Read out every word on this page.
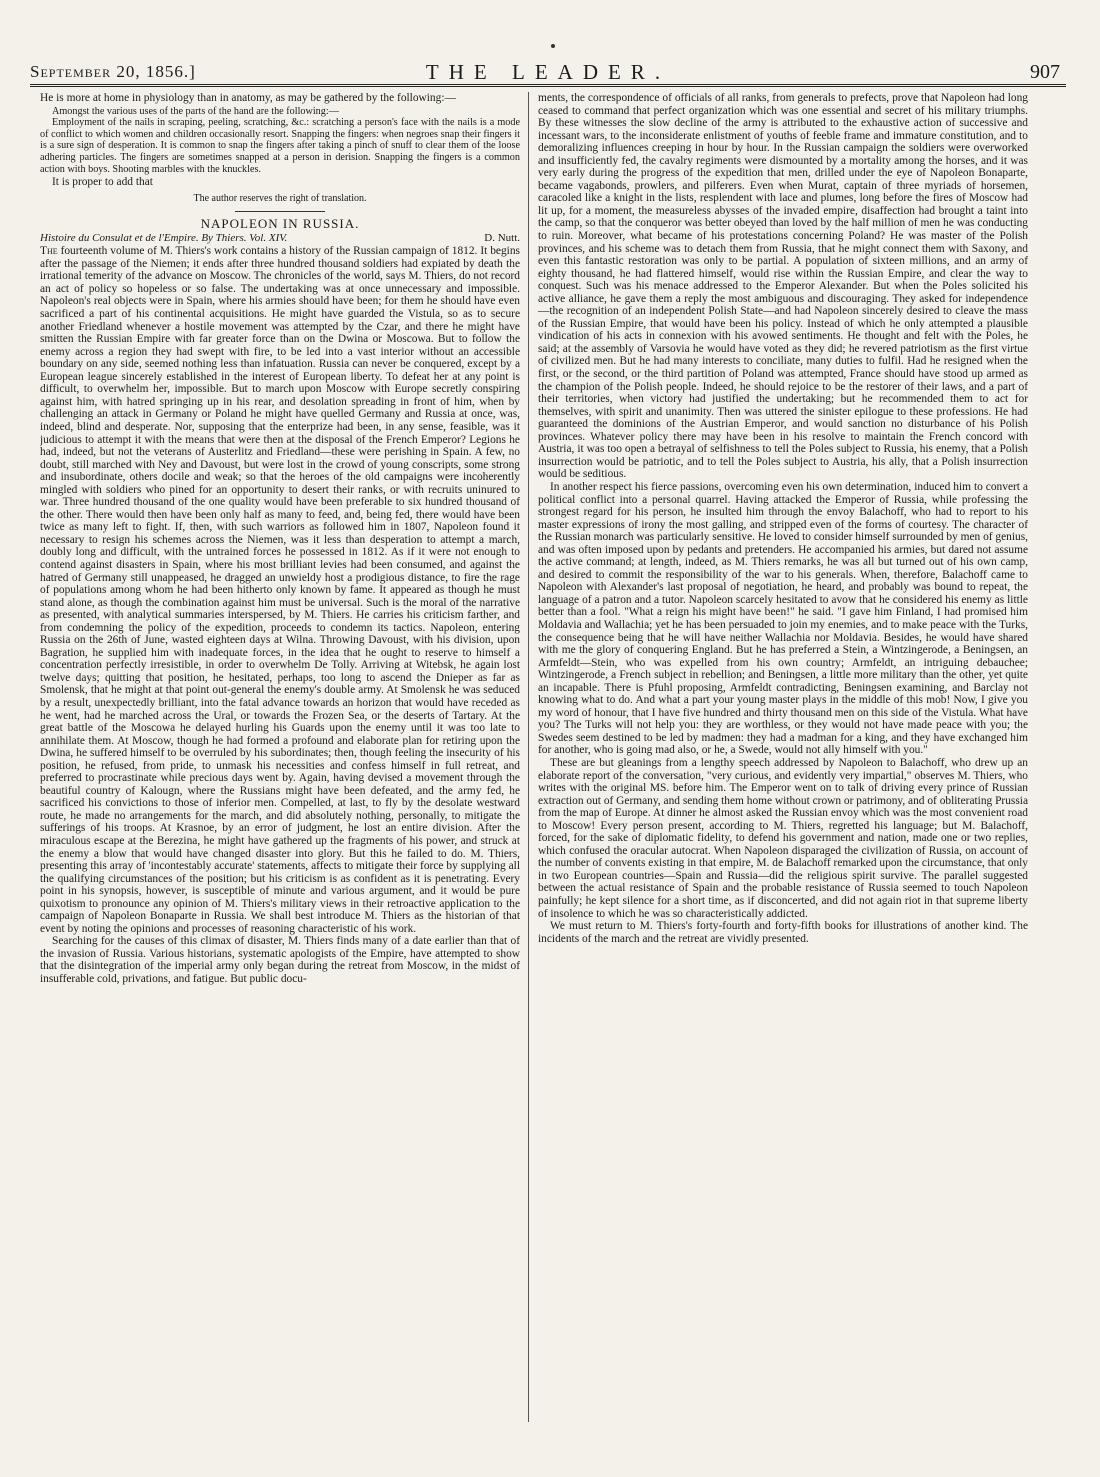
September 20, 1856.]	THE LEADER.	907

He is more at home in physiology than in anatomy, as may be gathered by the following:—

Amongst the various uses of the parts of the hand are the following:—

Employment of the nails in scraping, peeling, scratching, &c.: scratching a person's face with the nails is a mode of conflict to which women and children occasionally resort. Snapping the fingers: when negroes snap their fingers it is a sure sign of desperation. It is common to snap the fingers after taking a pinch of snuff to clear them of the loose adhering particles. The fingers are sometimes snapped at a person in derision. Snapping the fingers is a common action with boys. Shooting marbles with the knuckles.

It is proper to add that

The author reserves the right of translation.
NAPOLEON IN RUSSIA.
Histoire du Consulat et de l'Empire. By Thiers. Vol. XIV.	D. Nutt.

The fourteenth volume of M. Thiers's work contains a history of the Russian campaign of 1812. It begins after the passage of the Niemen; it ends after three hundred thousand soldiers had expiated by death the irrational temerity of the advance on Moscow. The chronicles of the world, says M. Thiers, do not record an act of policy so hopeless or so false. The undertaking was at once unnecessary and impossible. Napoleon's real objects were in Spain, where his armies should have been; for them he should have even sacrificed a part of his continental acquisitions. He might have guarded the Vistula, so as to secure another Friedland whenever a hostile movement was attempted by the Czar, and there he might have smitten the Russian Empire with far greater force than on the Dwina or Moscowa. But to follow the enemy across a region they had swept with fire, to be led into a vast interior without an accessible boundary on any side, seemed nothing less than infatuation. Russia can never be conquered, except by a European league sincerely established in the interest of European liberty. To defeat her at any point is difficult, to overwhelm her, impossible. But to march upon Moscow with Europe secretly conspiring against him, with hatred springing up in his rear, and desolation spreading in front of him, when by challenging an attack in Germany or Poland he might have quelled Germany and Russia at once, was, indeed, blind and desperate. Nor, supposing that the enterprize had been, in any sense, feasible, was it judicious to attempt it with the means that were then at the disposal of the French Emperor? Legions he had, indeed, but not the veterans of Austerlitz and Friedland—these were perishing in Spain. A few, no doubt, still marched with Ney and Davoust, but were lost in the crowd of young conscripts, some strong and insubordinate, others docile and weak; so that the heroes of the old campaigns were incoherently mingled with soldiers who pined for an opportunity to desert their ranks, or with recruits uninured to war. Three hundred thousand of the one quality would have been preferable to six hundred thousand of the other. There would then have been only half as many to feed, and, being fed, there would have been twice as many left to fight. If, then, with such warriors as followed him in 1807, Napoleon found it necessary to resign his schemes across the Niemen, was it less than desperation to attempt a march, doubly long and difficult, with the untrained forces he possessed in 1812. As if it were not enough to contend against disasters in Spain, where his most brilliant levies had been consumed, and against the hatred of Germany still unappeased, he dragged an unwieldy host a prodigious distance, to fire the rage of populations among whom he had been hitherto only known by fame. It appeared as though he must stand alone, as though the combination against him must be universal. Such is the moral of the narrative as presented, with analytical summaries interspersed, by M. Thiers. He carries his criticism farther, and from condemning the policy of the expedition, proceeds to condemn its tactics. Napoleon, entering Russia on the 26th of June, wasted eighteen days at Wilna. Throwing Davoust, with his division, upon Bagration, he supplied him with inadequate forces, in the idea that he ought to reserve to himself a concentration perfectly irresistible, in order to overwhelm De Tolly. Arriving at Witebsk, he again lost twelve days; quitting that position, he hesitated, perhaps, too long to ascend the Dnieper as far as Smolensk, that he might at that point out-general the enemy's double army. At Smolensk he was seduced by a result, unexpectedly brilliant, into the fatal advance towards an horizon that would have receded as he went, had he marched across the Ural, or towards the Frozen Sea, or the deserts of Tartary. At the great battle of the Moscowa he delayed hurling his Guards upon the enemy until it was too late to annihilate them. At Moscow, though he had formed a profound and elaborate plan for retiring upon the Dwina, he suffered himself to be overruled by his subordinates; then, though feeling the insecurity of his position, he refused, from pride, to unmask his necessities and confess himself in full retreat, and preferred to procrastinate while precious days went by. Again, having devised a movement through the beautiful country of Kalougn, where the Russians might have been defeated, and the army fed, he sacrificed his convictions to those of inferior men. Compelled, at last, to fly by the desolate westward route, he made no arrangements for the march, and did absolutely nothing, personally, to mitigate the sufferings of his troops. At Krasnoe, by an error of judgment, he lost an entire division. After the miraculous escape at the Berezina, he might have gathered up the fragments of his power, and struck at the enemy a blow that would have changed disaster into glory. But this he failed to do. M. Thiers, presenting this array of 'incontestably accurate' statements, affects to mitigate their force by supplying all the qualifying circumstances of the position; but his criticism is as confident as it is penetrating. Every point in his synopsis, however, is susceptible of minute and various argument, and it would be pure quixotism to pronounce any opinion of M. Thiers's military views in their retroactive application to the campaign of Napoleon Bonaparte in Russia. We shall best introduce M. Thiers as the historian of that event by noting the opinions and processes of reasoning characteristic of his work.

Searching for the causes of this climax of disaster, M. Thiers finds many of a date earlier than that of the invasion of Russia. Various historians, systematic apologists of the Empire, have attempted to show that the disintegration of the imperial army only began during the retreat from Moscow, in the midst of insufferable cold, privations, and fatigue. But public docu-

ments, the correspondence of officials of all ranks, from generals to prefects, prove that Napoleon had long ceased to command that perfect organization which was one essential and secret of his military triumphs. By these witnesses the slow decline of the army is attributed to the exhaustive action of successive and incessant wars, to the inconsiderate enlistment of youths of feeble frame and immature constitution, and to demoralizing influences creeping in hour by hour. In the Russian campaign the soldiers were overworked and insufficiently fed, the cavalry regiments were dismounted by a mortality among the horses, and it was very early during the progress of the expedition that men, drilled under the eye of Napoleon Bonaparte, became vagabonds, prowlers, and pilferers. Even when Murat, captain of three myriads of horsemen, caracoled like a knight in the lists, resplendent with lace and plumes, long before the fires of Moscow had lit up, for a moment, the measureless abysses of the invaded empire, disaffection had brought a taint into the camp, so that the conqueror was better obeyed than loved by the half million of men he was conducting to ruin. Moreover, what became of his protestations concerning Poland? He was master of the Polish provinces, and his scheme was to detach them from Russia, that he might connect them with Saxony, and even this fantastic restoration was only to be partial. A population of sixteen millions, and an army of eighty thousand, he had flattered himself, would rise within the Russian Empire, and clear the way to conquest. Such was his menace addressed to the Emperor Alexander. But when the Poles solicited his active alliance, he gave them a reply the most ambiguous and discouraging. They asked for independence—the recognition of an independent Polish State—and had Napoleon sincerely desired to cleave the mass of the Russian Empire, that would have been his policy. Instead of which he only attempted a plausible vindication of his acts in connexion with his avowed sentiments. He thought and felt with the Poles, he said; at the assembly of Varsovia he would have voted as they did; he revered patriotism as the first virtue of civilized men. But he had many interests to conciliate, many duties to fulfil. Had he resigned when the first, or the second, or the third partition of Poland was attempted, France should have stood up armed as the champion of the Polish people. Indeed, he should rejoice to be the restorer of their laws, and a part of their territories, when victory had justified the undertaking; but he recommended them to act for themselves, with spirit and unanimity. Then was uttered the sinister epilogue to these professions. He had guaranteed the dominions of the Austrian Emperor, and would sanction no disturbance of his Polish provinces. Whatever policy there may have been in his resolve to maintain the French concord with Austria, it was too open a betrayal of selfishness to tell the Poles subject to Russia, his enemy, that a Polish insurrection would be patriotic, and to tell the Poles subject to Austria, his ally, that a Polish insurrection would be seditious.

In another respect his fierce passions, overcoming even his own determination, induced him to convert a political conflict into a personal quarrel. Having attacked the Emperor of Russia, while professing the strongest regard for his person, he insulted him through the envoy Balachoff, who had to report to his master expressions of irony the most galling, and stripped even of the forms of courtesy. The character of the Russian monarch was particularly sensitive. He loved to consider himself surrounded by men of genius, and was often imposed upon by pedants and pretenders. He accompanied his armies, but dared not assume the active command; at length, indeed, as M. Thiers remarks, he was all but turned out of his own camp, and desired to commit the responsibility of the war to his generals. When, therefore, Balachoff came to Napoleon with Alexander's last proposal of negotiation, he heard, and probably was bound to repeat, the language of a patron and a tutor. Napoleon scarcely hesitated to avow that he considered his enemy as little better than a fool. "What a reign his might have been!" he said. "I gave him Finland, I had promised him Moldavia and Wallachia; yet he has been persuaded to join my enemies, and to make peace with the Turks, the consequence being that he will have neither Wallachia nor Moldavia. Besides, he would have shared with me the glory of conquering England. But he has preferred a Stein, a Wintzingerode, a Beningsen, an Armfeldt—Stein, who was expelled from his own country; Armfeldt, an intriguing debauchee; Wintzingerode, a French subject in rebellion; and Beningsen, a little more military than the other, yet quite an incapable. There is Pfuhl proposing, Armfeldt contradicting, Beningsen examining, and Barclay not knowing what to do. And what a part your young master plays in the middle of this mob! Now, I give you my word of honour, that I have five hundred and thirty thousand men on this side of the Vistula. What have you? The Turks will not help you: they are worthless, or they would not have made peace with you; the Swedes seem destined to be led by madmen: they had a madman for a king, and they have exchanged him for another, who is going mad also, or he, a Swede, would not ally himself with you."

These are but gleanings from a lengthy speech addressed by Napoleon to Balachoff, who drew up an elaborate report of the conversation, "very curious, and evidently very impartial," observes M. Thiers, who writes with the original MS. before him. The Emperor went on to talk of driving every prince of Russian extraction out of Germany, and sending them home without crown or patrimony, and of obliterating Prussia from the map of Europe. At dinner he almost asked the Russian envoy which was the most convenient road to Moscow! Every person present, according to M. Thiers, regretted his language; but M. Balachoff, forced, for the sake of diplomatic fidelity, to defend his government and nation, made one or two replies, which confused the oracular autocrat. When Napoleon disparaged the civilization of Russia, on account of the number of convents existing in that empire, M. de Balachoff remarked upon the circumstance, that only in two European countries—Spain and Russia—did the religious spirit survive. The parallel suggested between the actual resistance of Spain and the probable resistance of Russia seemed to touch Napoleon painfully; he kept silence for a short time, as if disconcerted, and did not again riot in that supreme liberty of insolence to which he was so characteristically addicted.

We must return to M. Thiers's forty-fourth and forty-fifth books for illustrations of another kind. The incidents of the march and the retreat are vividly presented.
